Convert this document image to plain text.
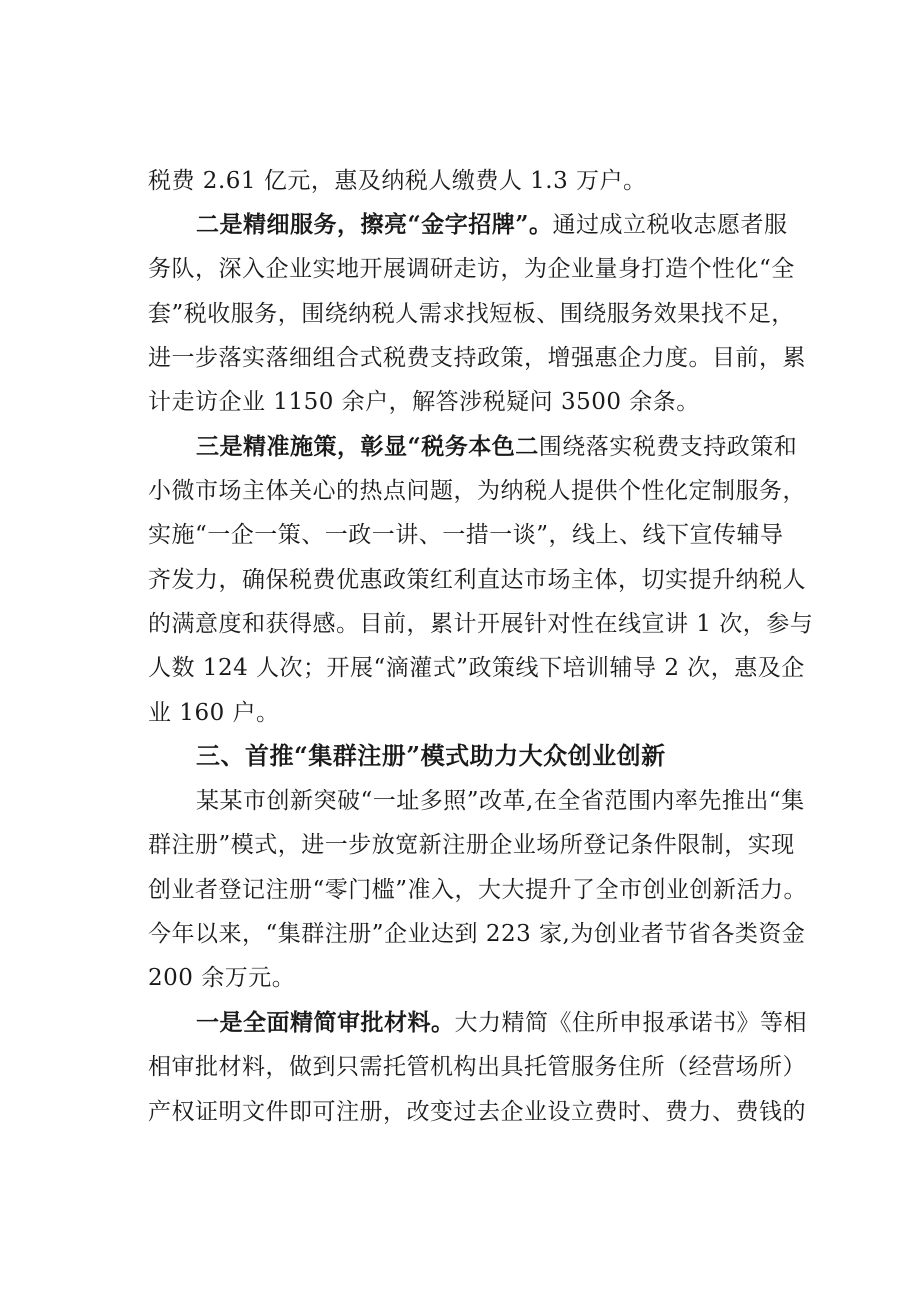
税费 2.61 亿元，惠及纳税人缴费人 1.3 万户。
二是精细服务，擦亮“金字招牌”。通过成立税收志愿者服
务队，深入企业实地开展调研走访，为企业量身打造个性化“全
套”税收服务，围绕纳税人需求找短板、围绕服务效果找不足，
进一步落实落细组合式税费支持政策，增强惠企力度。目前，累
计走访企业 1150 余户，解答涉税疑问 3500 余条。
三是精准施策，彰显“税务本色二围绕落实税费支持政策和
小微市场主体关心的热点问题，为纳税人提供个性化定制服务，
实施“一企一策、一政一讲、一措一谈”，线上、线下宣传辅导
齐发力，确保税费优惠政策红利直达市场主体，切实提升纳税人
的满意度和获得感。目前，累计开展针对性在线宣讲 1 次，参与
人数 124 人次；开展“滴灌式”政策线下培训辅导 2 次，惠及企
业 160 户。
三、首推“集群注册”模式助力大众创业创新
某某市创新突破“一址多照”改革,在全省范围内率先推出“集
群注册”模式，进一步放宽新注册企业场所登记条件限制，实现
创业者登记注册“零门槛”准入，大大提升了全市创业创新活力。
今年以来，“集群注册”企业达到 223 家,为创业者节省各类资金
200 余万元。
一是全面精简审批材料。大力精简《住所申报承诺书》等相
相审批材料，做到只需托管机构出具托管服务住所（经营场所）
产权证明文件即可注册，改变过去企业设立费时、费力、费钱的
